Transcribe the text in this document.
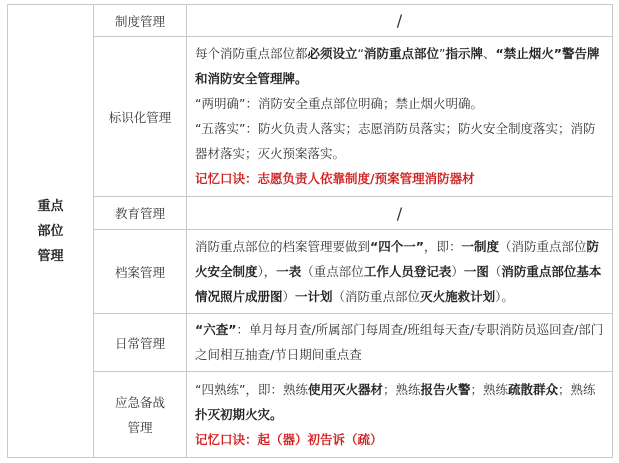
重点
部位
管理	制度管理	/
	标识化管理	每个消防重点部位都必须设立“消防重点部位”指示牌、“禁止烟火”警告牌和消防安全管理牌。
“两明确”：消防安全重点部位明确；禁止烟火明确。
“五落实”：防火负责人落实；志愿消防员落实；防火安全制度落实；消防器材落实；灭火预案落实。
记忆口诀：志愿负责人依靠制度/预案管理消防器材

	教育管理	/
	档案管理	消防重点部位的档案管理要做到“四个一”，即：一制度（消防重点部位防火安全制度），一表（重点部位工作人员登记表）一图（消防重点部位基本情况照片成册图）一计划（消防重点部位灭火施救计划）。
	日常管理	“六查”：单月每月查/所属部门每周查/班组每天查/专职消防员巡回查/部门之间相互抽查/节日期间重点查

	应急备战
管理	“四熟练”，即：熟练使用灭火器材；熟练报告火警；熟练疏散群众；熟练扑灭初期火灾。
记忆口诀：起（器）初告诉（疏）
